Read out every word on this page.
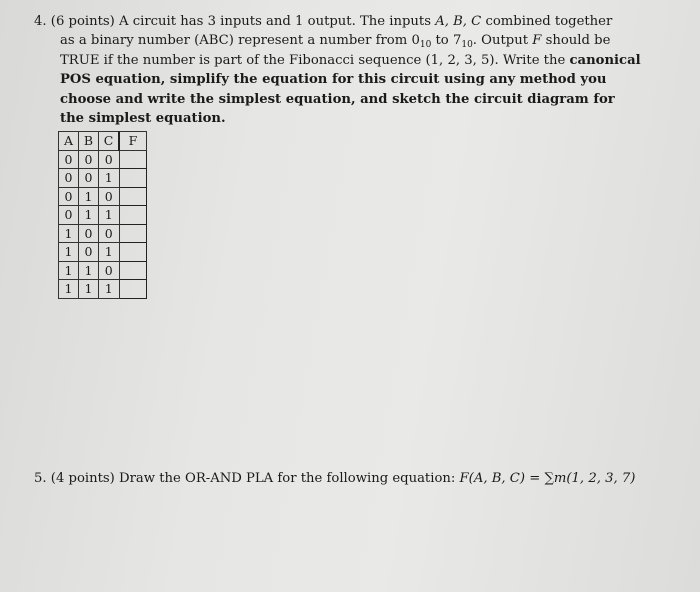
4. (6 points) A circuit has 3 inputs and 1 output. The inputs A, B, C combined together
as a binary number (ABC) represent a number from $0_{10}$ to $7_{10}$. Output F should be
TRUE if the number is part of the Fibonacci sequence (1, 2, 3, 5). Write the canonical
POS equation, simplify the equation for this circuit using any method you
choose and write the simplest equation, and sketch the circuit diagram for
the simplest equation.
A	B	C	F
0	0	0	
0	0	1	
0	1	0	
0	1	1	
1	0	0	
1	0	1	
1	1	0	
1	1	1	
5. (4 points) Draw the OR-AND PLA for the following equation: F(A, B, C) = ∑m(1, 2, 3, 7)
